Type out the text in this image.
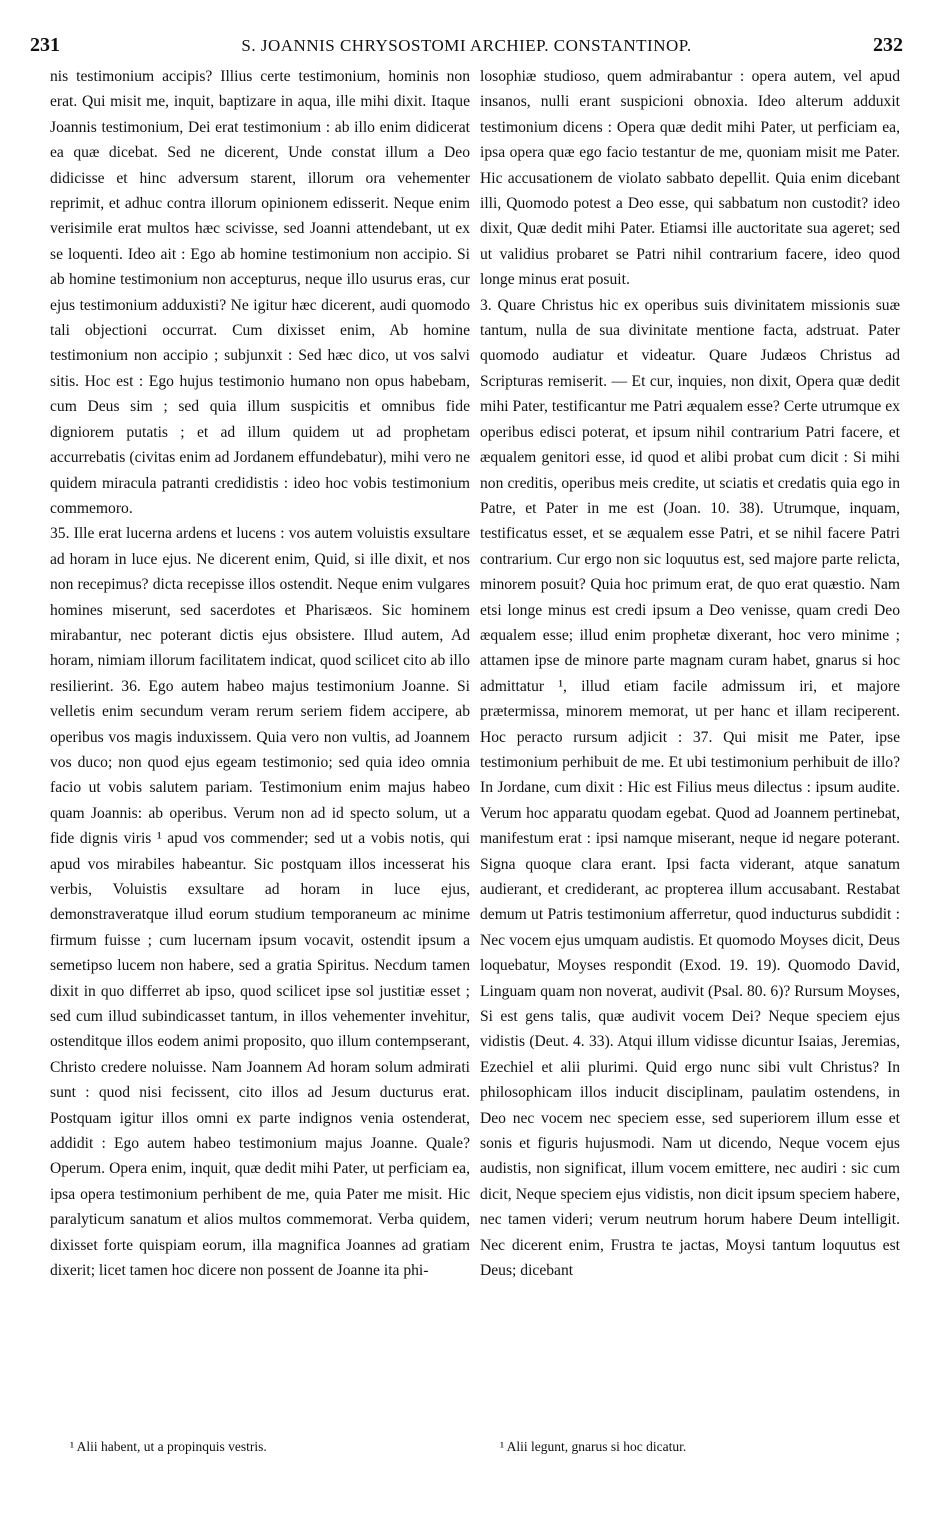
231	S. JOANNIS CHRYSOSTOMI ARCHIEP. CONSTANTINOP.	232

nis testimonium accipis? Illius certe testimonium, hominis non erat. Qui misit me, inquit, baptizare in aqua, ille mihi dixit. Itaque Joannis testimonium, Dei erat testimonium : ab illo enim didicerat ea quæ dicebat. Sed ne dicerent, Unde constat illum a Deo didicisse et hinc adversum starent, illorum ora vehementer reprimit, et adhuc contra illorum opinionem edisserit. Neque enim verisimile erat multos hæc scivisse, sed Joanni attendebant, ut ex se loquenti. Ideo ait : Ego ab homine testimonium non accipio. Si ab homine testimonium non accepturus, neque illo usurus eras, cur ejus testimonium adduxisti? Ne igitur hæc dicerent, audi quomodo tali objectioni occurrat. Cum dixisset enim, Ab homine testimonium non accipio ; subjunxit : Sed hæc dico, ut vos salvi sitis. Hoc est : Ego hujus testimonio humano non opus habebam, cum Deus sim ; sed quia illum suspicitis et omnibus fide digniorem putatis ; et ad illum quidem ut ad prophetam accurrebatis (civitas enim ad Jordanem effundebatur), mihi vero ne quidem miracula patranti credidistis : ideo hoc vobis testimonium commemoro.

35. Ille erat lucerna ardens et lucens : vos autem voluistis exsultare ad horam in luce ejus. Ne dicerent enim, Quid, si ille dixit, et nos non recepimus? dicta recepisse illos ostendit. Neque enim vulgares homines miserunt, sed sacerdotes et Pharisæos. Sic hominem mirabantur, nec poterant dictis ejus obsistere. Illud autem, Ad horam, nimiam illorum facilitatem indicat, quod scilicet cito ab illo resilierint. 36. Ego autem habeo majus testimonium Joanne. Si velletis enim secundum veram rerum seriem fidem accipere, ab operibus vos magis induxissem. Quia vero non vultis, ad Joannem vos duco; non quod ejus egeam testimonio; sed quia ideo omnia facio ut vobis salutem pariam. Testimonium enim majus habeo quam Joannis: ab operibus. Verum non ad id specto solum, ut a fide dignis viris ¹ apud vos commender; sed ut a vobis notis, qui apud vos mirabiles habeantur. Sic postquam illos incesserat his verbis, Voluistis exsultare ad horam in luce ejus, demonstraveratque illud eorum studium temporaneum ac minime firmum fuisse ; cum lucernam ipsum vocavit, ostendit ipsum a semetipso lucem non habere, sed a gratia Spiritus. Necdum tamen dixit in quo differret ab ipso, quod scilicet ipse sol justitiæ esset ; sed cum illud subindicasset tantum, in illos vehementer invehitur, ostenditque illos eodem animi proposito, quo illum contempserant, Christo credere noluisse. Nam Joannem Ad horam solum admirati sunt : quod nisi fecissent, cito illos ad Jesum ducturus erat. Postquam igitur illos omni ex parte indignos venia ostenderat, addidit : Ego autem habeo testimonium majus Joanne. Quale? Operum. Opera enim, inquit, quæ dedit mihi Pater, ut perficiam ea, ipsa opera testimonium perhibent de me, quia Pater me misit. Hic paralyticum sanatum et alios multos commemorat. Verba quidem, dixisset forte quispiam eorum, illa magnifica Joannes ad gratiam dixerit; licet tamen hoc dicere non possent de Joanne ita phi-

losophiæ studioso, quem admirabantur : opera autem, vel apud insanos, nulli erant suspicioni obnoxia. Ideo alterum adduxit testimonium dicens : Opera quæ dedit mihi Pater, ut perficiam ea, ipsa opera quæ ego facio testantur de me, quoniam misit me Pater. Hic accusationem de violato sabbato depellit. Quia enim dicebant illi, Quomodo potest a Deo esse, qui sabbatum non custodit? ideo dixit, Quæ dedit mihi Pater. Etiamsi ille auctoritate sua ageret; sed ut validius probaret se Patri nihil contrarium facere, ideo quod longe minus erat posuit.

3. Quare Christus hic ex operibus suis divinitatem missionis suæ tantum, nulla de sua divinitate mentione facta, adstruat. Pater quomodo audiatur et videatur. Quare Judæos Christus ad Scripturas remiserit. — Et cur, inquies, non dixit, Opera quæ dedit mihi Pater, testificantur me Patri æqualem esse? Certe utrumque ex operibus edisci poterat, et ipsum nihil contrarium Patri facere, et æqualem genitori esse, id quod et alibi probat cum dicit : Si mihi non creditis, operibus meis credite, ut sciatis et credatis quia ego in Patre, et Pater in me est (Joan. 10. 38). Utrumque, inquam, testificatus esset, et se æqualem esse Patri, et se nihil facere Patri contrarium. Cur ergo non sic loquutus est, sed majore parte relicta, minorem posuit? Quia hoc primum erat, de quo erat quæstio. Nam etsi longe minus est credi ipsum a Deo venisse, quam credi Deo æqualem esse; illud enim prophetæ dixerant, hoc vero minime ; attamen ipse de minore parte magnam curam habet, gnarus si hoc admittatur ¹, illud etiam facile admissum iri, et majore prætermissa, minorem memorat, ut per hanc et illam reciperent. Hoc peracto rursum adjicit : 37. Qui misit me Pater, ipse testimonium perhibuit de me. Et ubi testimonium perhibuit de illo? In Jordane, cum dixit : Hic est Filius meus dilectus : ipsum audite. Verum hoc apparatu quodam egebat. Quod ad Joannem pertinebat, manifestum erat : ipsi namque miserant, neque id negare poterant. Signa quoque clara erant. Ipsi facta viderant, atque sanatum audierant, et crediderant, ac propterea illum accusabant. Restabat demum ut Patris testimonium afferretur, quod inducturus subdidit : Nec vocem ejus umquam audistis. Et quomodo Moyses dicit, Deus loquebatur, Moyses respondit (Exod. 19. 19). Quomodo David, Linguam quam non noverat, audivit (Psal. 80. 6)? Rursum Moyses, Si est gens talis, quæ audivit vocem Dei? Neque speciem ejus vidistis (Deut. 4. 33). Atqui illum vidisse dicuntur Isaias, Jeremias, Ezechiel et alii plurimi. Quid ergo nunc sibi vult Christus? In philosophicam illos inducit disciplinam, paulatim ostendens, in Deo nec vocem nec speciem esse, sed superiorem illum esse et sonis et figuris hujusmodi. Nam ut dicendo, Neque vocem ejus audistis, non significat, illum vocem emittere, nec audiri : sic cum dicit, Neque speciem ejus vidistis, non dicit ipsum speciem habere, nec tamen videri; verum neutrum horum habere Deum intelligit. Nec dicerent enim, Frustra te jactas, Moysi tantum loquutus est Deus; dicebant

¹ Alii habent, ut a propinquis vestris.	¹ Alii legunt, gnarus si hoc dicatur.
